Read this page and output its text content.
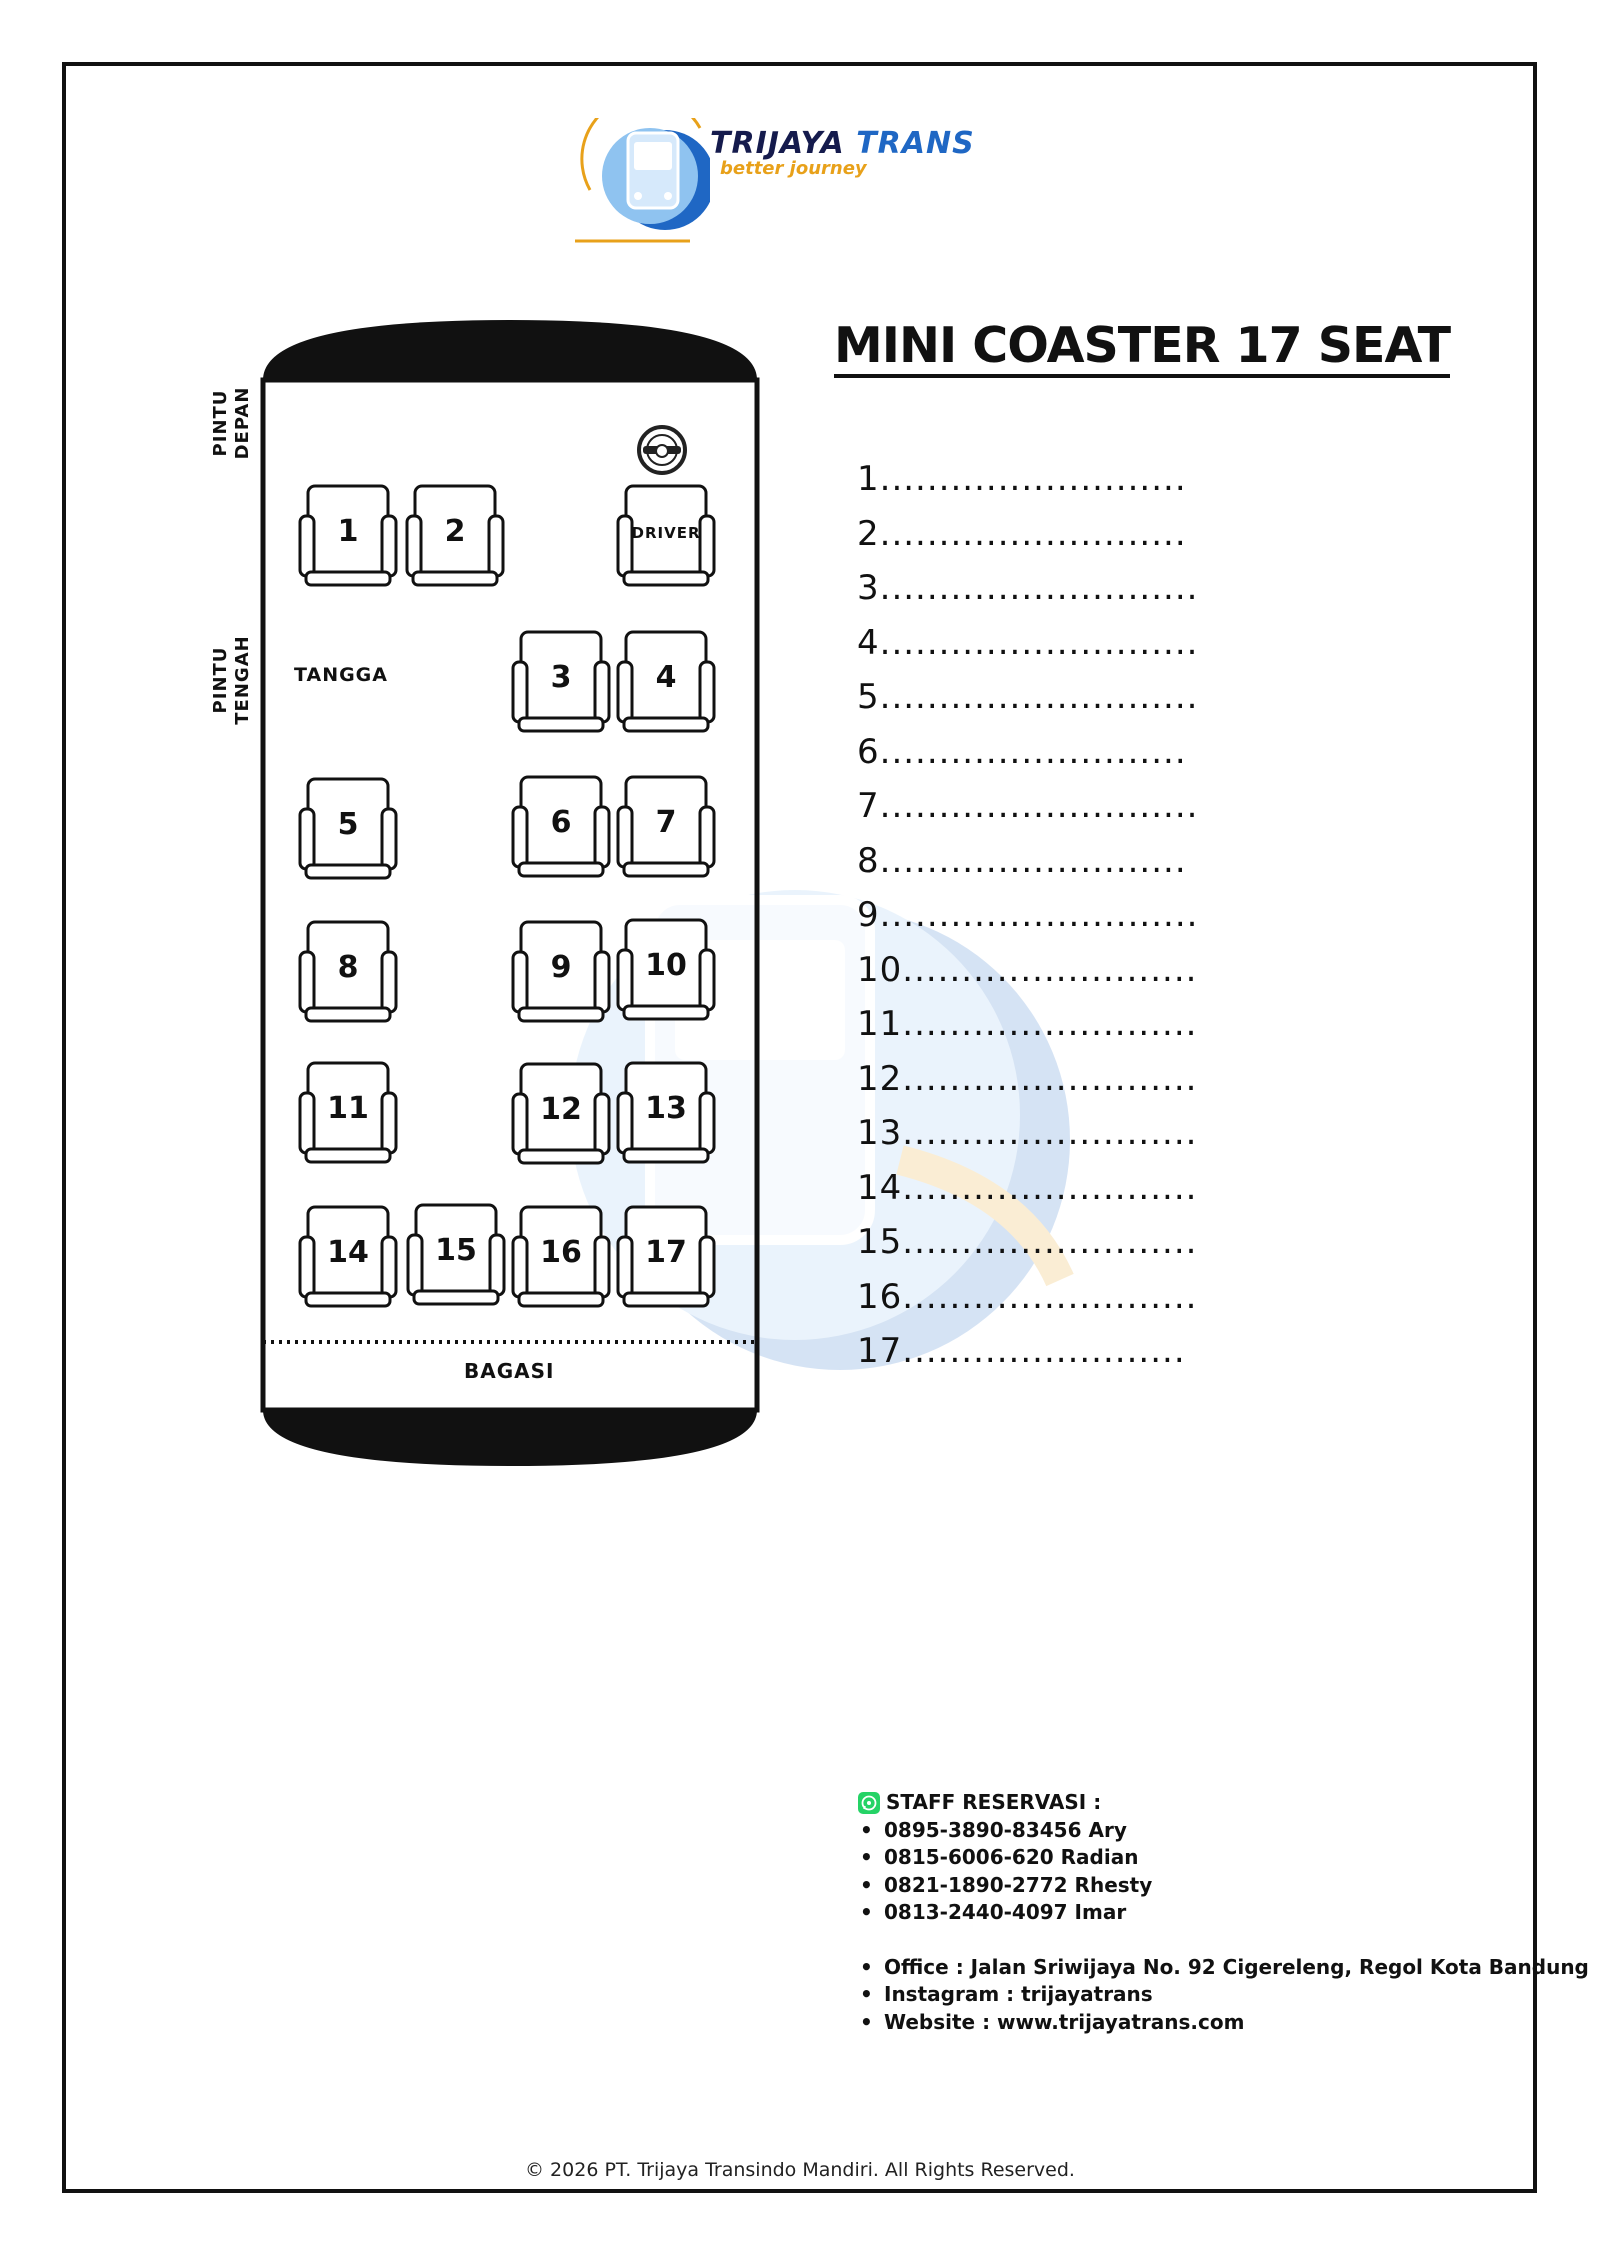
TRIJAYA TRANS
better journey
PINTU DEPAN
PINTU TENGAH TANGGA
BAGASI
1	2	DRIVER
3	4
5	6	7
8	9	10
11	12	13
14	15	16	17
MINI COASTER 17 SEAT
1..........................
2..........................
3...........................
4...........................
5...........................
6..........................
7...........................
8..........................
9...........................
10.........................
11.........................
12.........................
13.........................
14.........................
15.........................
16.........................
17........................
STAFF RESERVASI :
• 0895-3890-83456 Ary
• 0815-6006-620 Radian
• 0821-1890-2772 Rhesty
• 0813-2440-4097 Imar
• Office : Jalan Sriwijaya No. 92 Cigereleng, Regol Kota Bandung
• Instagram : trijayatrans
• Website : www.trijayatrans.com
© 2026 PT. Trijaya Transindo Mandiri. All Rights Reserved.
